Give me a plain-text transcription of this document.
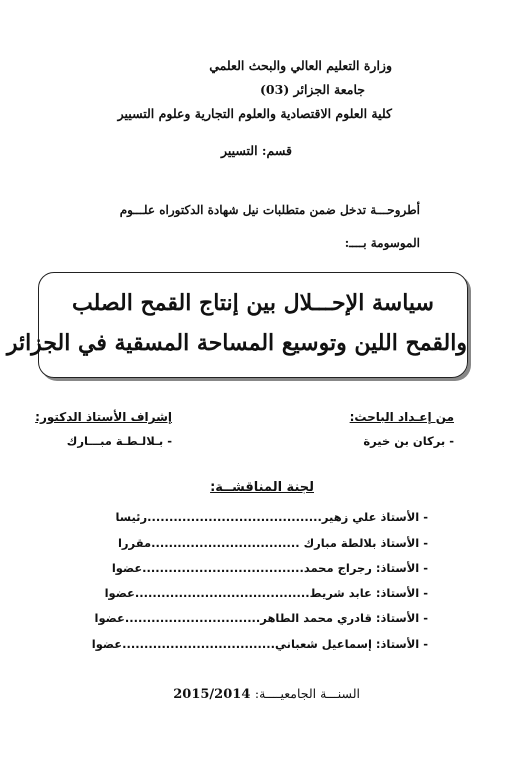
وزارة التعليم العالي والبحث العلمي
جامعة الجزائر (03)
كلية العلوم الاقتصادية والعلوم التجارية وعلوم التسيير
قسم: التسيير
أطروحـــة تدخل ضمن متطلبات نيل شهادة الدكتوراه علـــوم
الموسومة بــــ:
سياسة الإحـــلال بين إنتاج القمح الصلب
والقمح اللين وتوسيع المساحة المسقية في الجزائر
من إعـداد الباحث:
إشراف الأستاذ الدكتور:
- بركان بن خيرة
- بـلالـطـة مبـــارك
لجنة المناقشــة:
- الأستاذ علي زهير........................................رئيسا
- الأستاذ بلالطة مبارك ..................................مقررا
- الأستاذ: رجراج محمد.....................................عضوا
- الأستاذ: عابد شريط........................................عضوا
- الأستاذ: قادري محمد الطاهر...............................عضوا
- الأستاذ: إسماعيل شعباني...................................عضوا
السنـــة الجامعيــــة: 2015/2014
